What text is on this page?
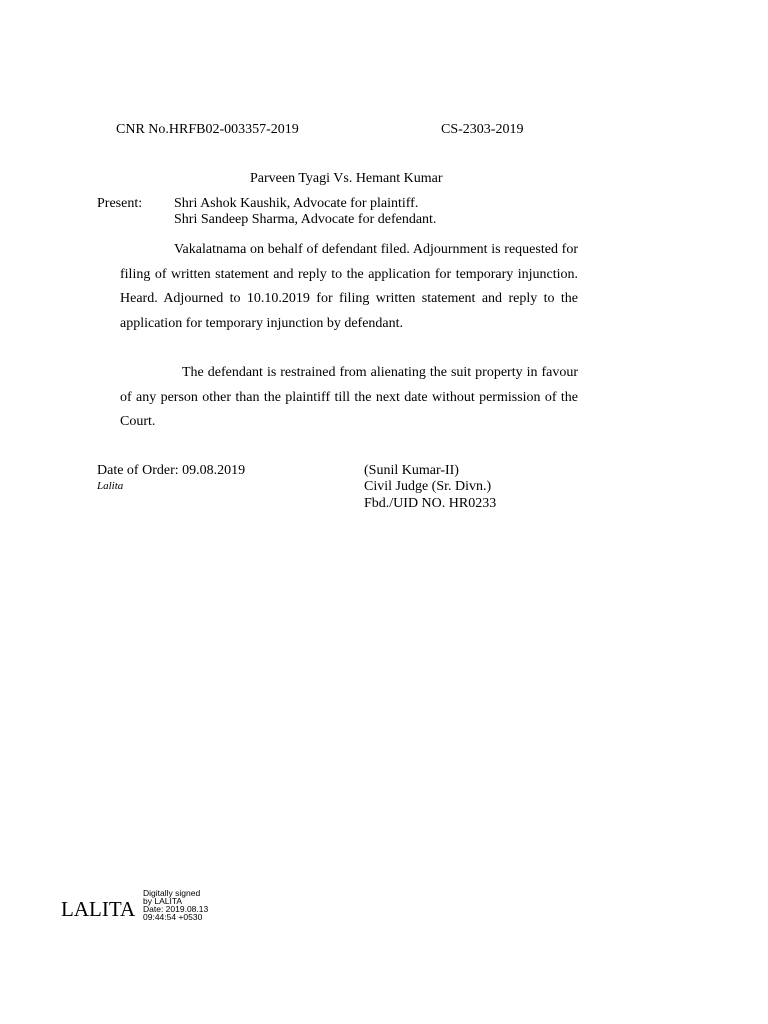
CNR No.HRFB02-003357-2019	CS-2303-2019
Parveen Tyagi Vs. Hemant Kumar
Present: Shri Ashok Kaushik, Advocate for plaintiff.
Shri Sandeep Sharma, Advocate for defendant.
Vakalatnama on behalf of defendant filed. Adjournment is requested for filing of written statement and reply to the application for temporary injunction. Heard. Adjourned to 10.10.2019 for filing written statement and reply to the application for temporary injunction by defendant.
The defendant is restrained from alienating the suit property in favour of any person other than the plaintiff till the next date without permission of the Court.
Date of Order: 09.08.2019
Lalita
(Sunil Kumar-II)
Civil Judge (Sr. Divn.)
Fbd./UID NO. HR0233
LALITA
Digitally signed
by LALITA
Date: 2019.08.13
09:44:54 +0530
